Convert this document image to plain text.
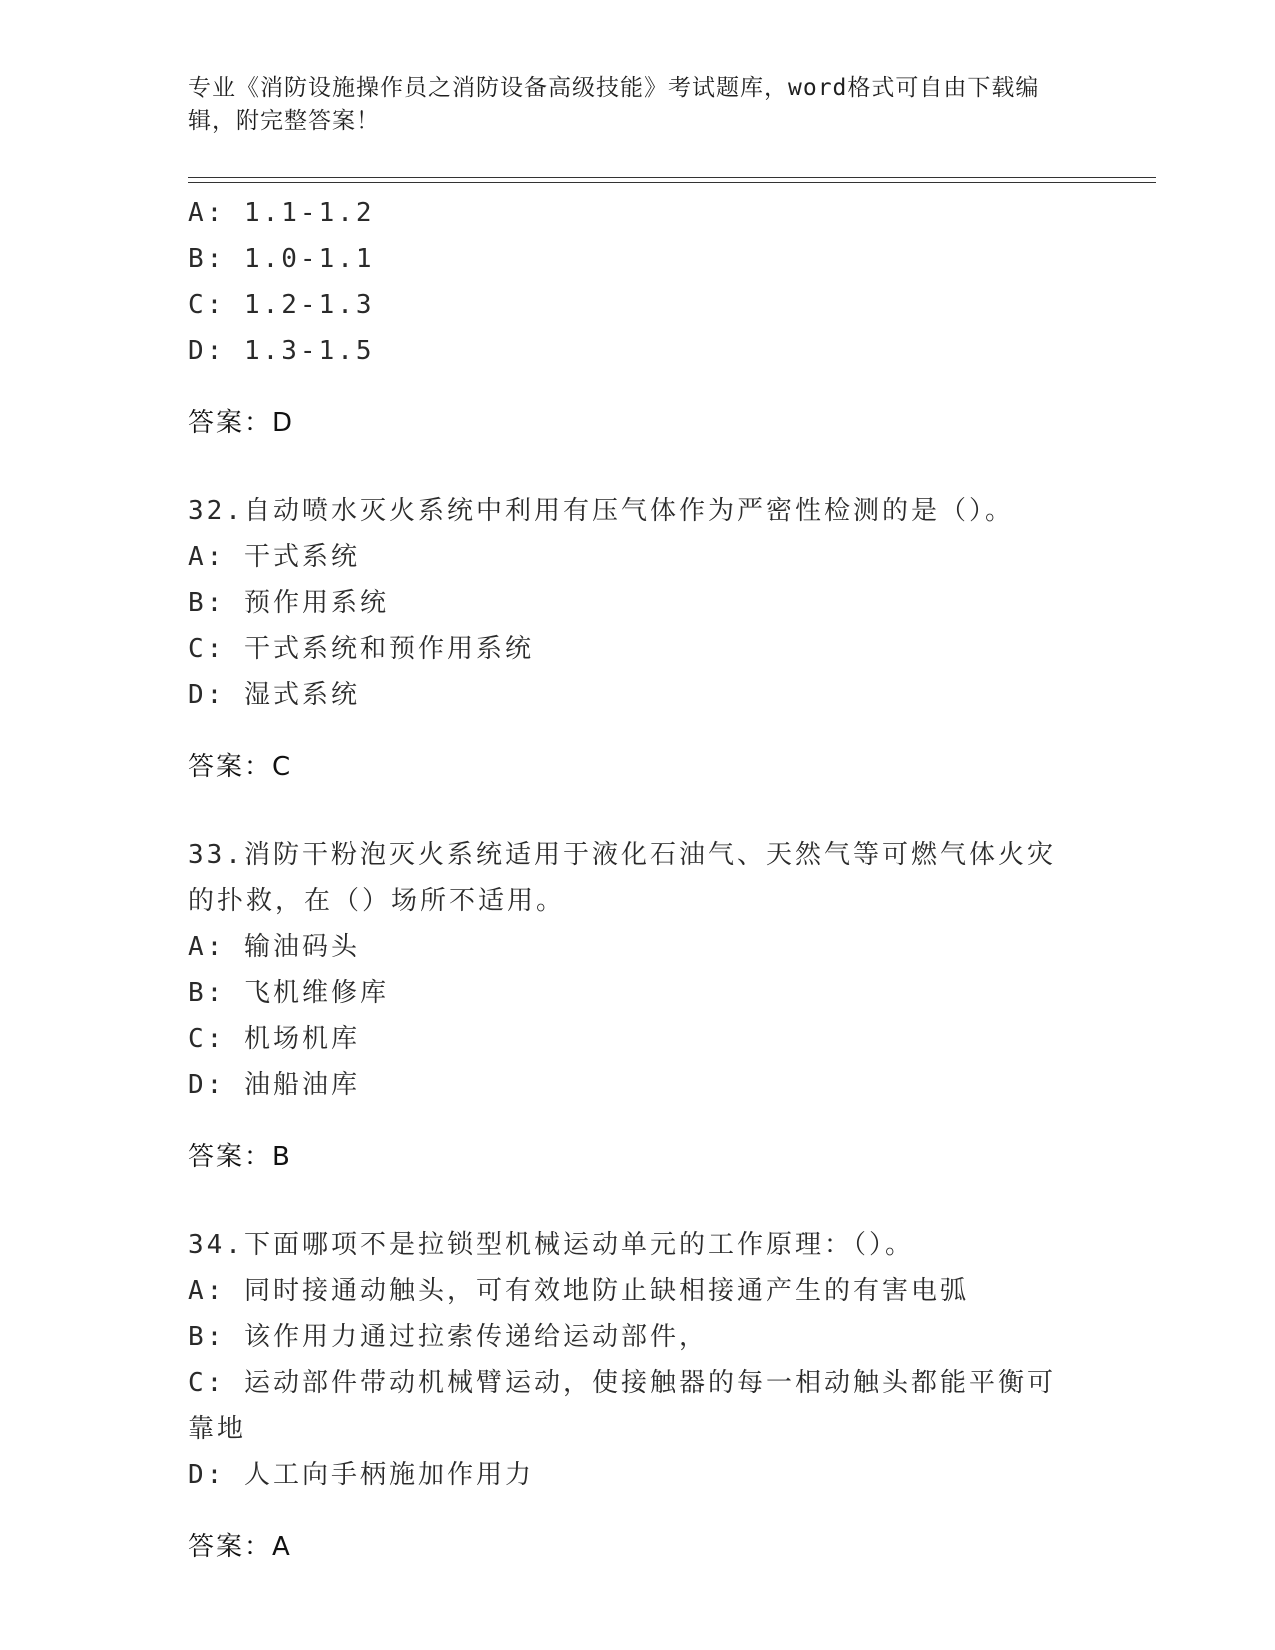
专业《消防设施操作员之消防设备高级技能》考试题库，word格式可自由下载编辑，附完整答案！

A: 1.1-1.2

B: 1.0-1.1

C: 1.2-1.3

D: 1.3-1.5

答案：D

32.自动喷水灭火系统中利用有压气体作为严密性检测的是（）。

A: 干式系统

B: 预作用系统

C: 干式系统和预作用系统

D: 湿式系统

答案：C

33.消防干粉泡灭火系统适用于液化石油气、天然气等可燃气体火灾的扑救，在（）场所不适用。

A: 输油码头

B: 飞机维修库

C: 机场机库

D: 油船油库

答案：B

34.下面哪项不是拉锁型机械运动单元的工作原理：（）。

A: 同时接通动触头，可有效地防止缺相接通产生的有害电弧

B: 该作用力通过拉索传递给运动部件，

C: 运动部件带动机械臂运动，使接触器的每一相动触头都能平衡可靠地

D: 人工向手柄施加作用力

答案：A
